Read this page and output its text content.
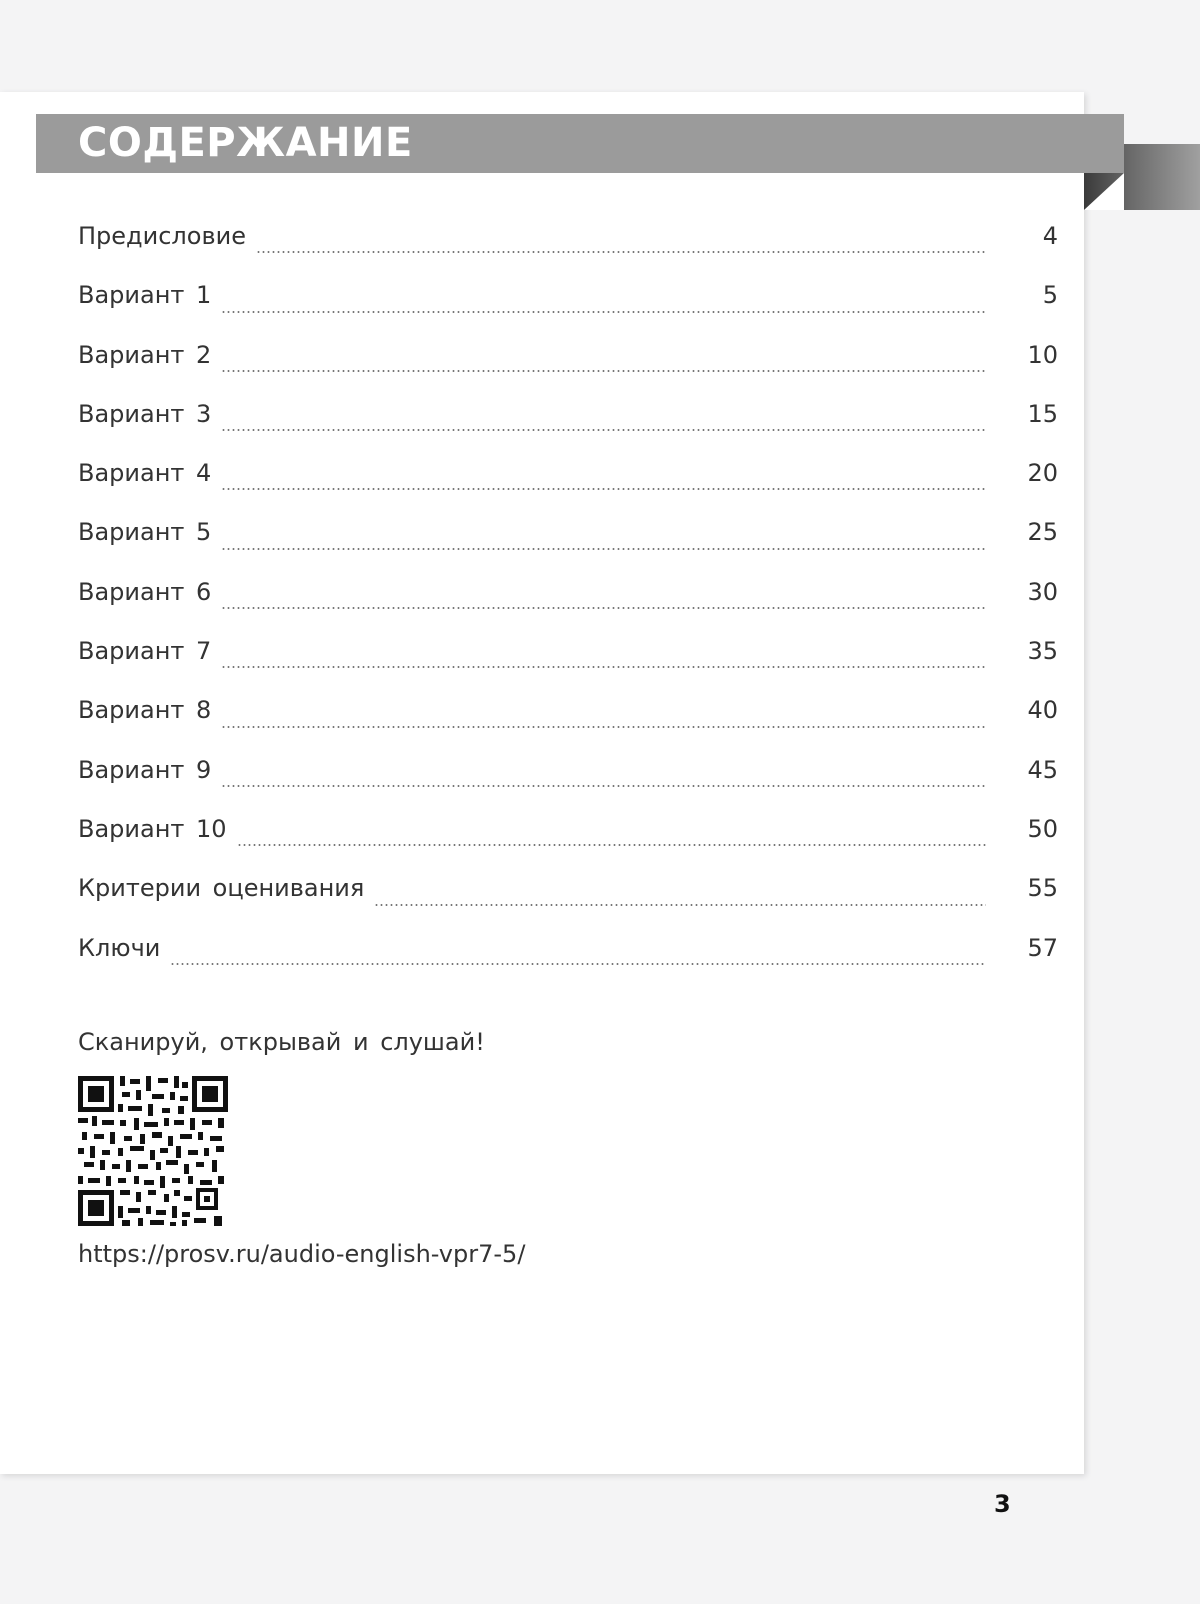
СОДЕРЖАНИЕ
Предисловие	4
Вариант 1	5
Вариант 2	10
Вариант 3	15
Вариант 4	20
Вариант 5	25
Вариант 6	30
Вариант 7	35
Вариант 8	40
Вариант 9	45
Вариант 10	50
Критерии оценивания	55
Ключи	57
Сканируй, открывай и слушай!
https://prosv.ru/audio-english-vpr7-5/
3
